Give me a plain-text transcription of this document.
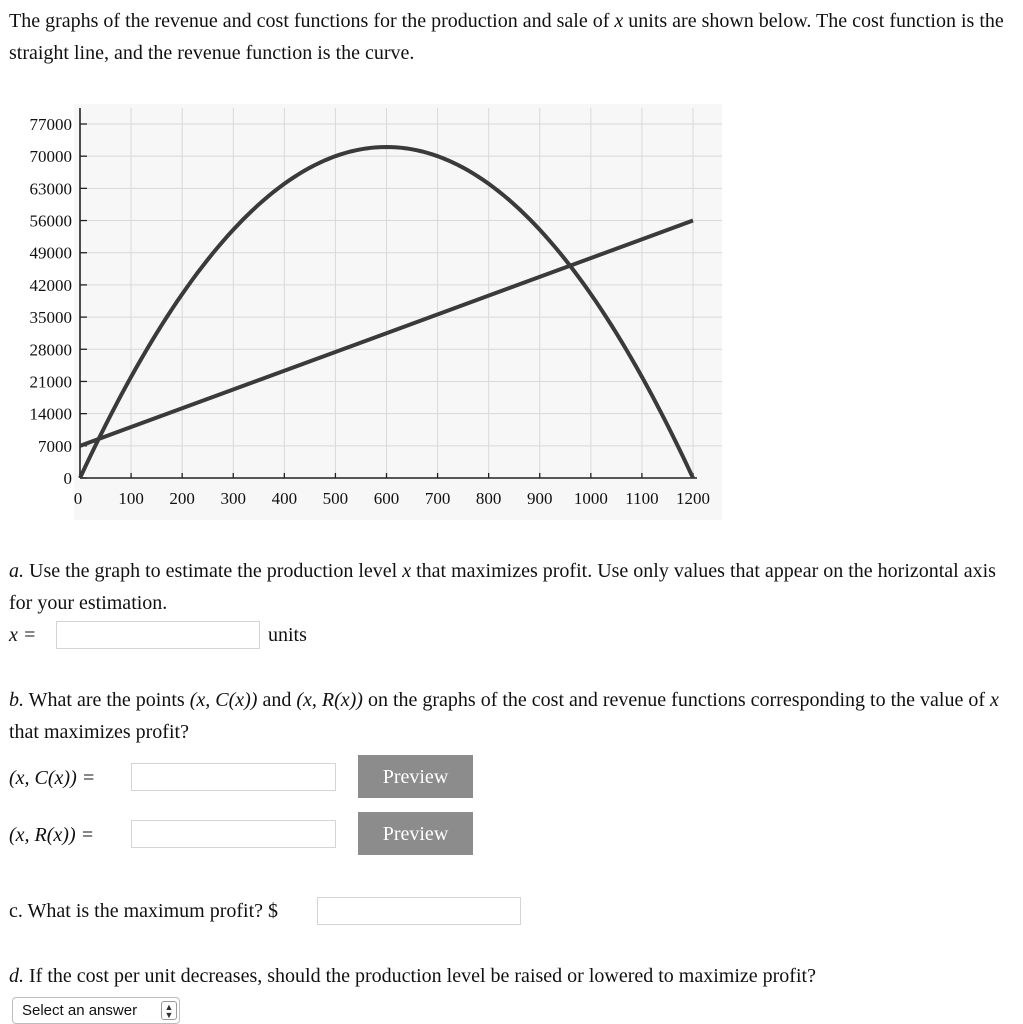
The graphs of the revenue and cost functions for the production and sale of x units are shown below. The cost function is the straight line, and the revenue function is the curve.

0 100 200 300 400 500 600 700 800 900 1000 1100 1200
0
7000
14000
21000
28000
35000
42000
49000
56000
63000
70000
77000

a. Use the graph to estimate the production level x that maximizes profit. Use only values that appear on the horizontal axis for your estimation.

x =	units

b. What are the points (x, C(x)) and (x, R(x)) on the graphs of the cost and revenue functions corresponding to the value of x that maximizes profit?

(x, C(x)) =	Preview
(x, R(x)) =	Preview

c. What is the maximum profit? $

d. If the cost per unit decreases, should the production level be raised or lowered to maximize profit?

Select an answer	▲
▼
